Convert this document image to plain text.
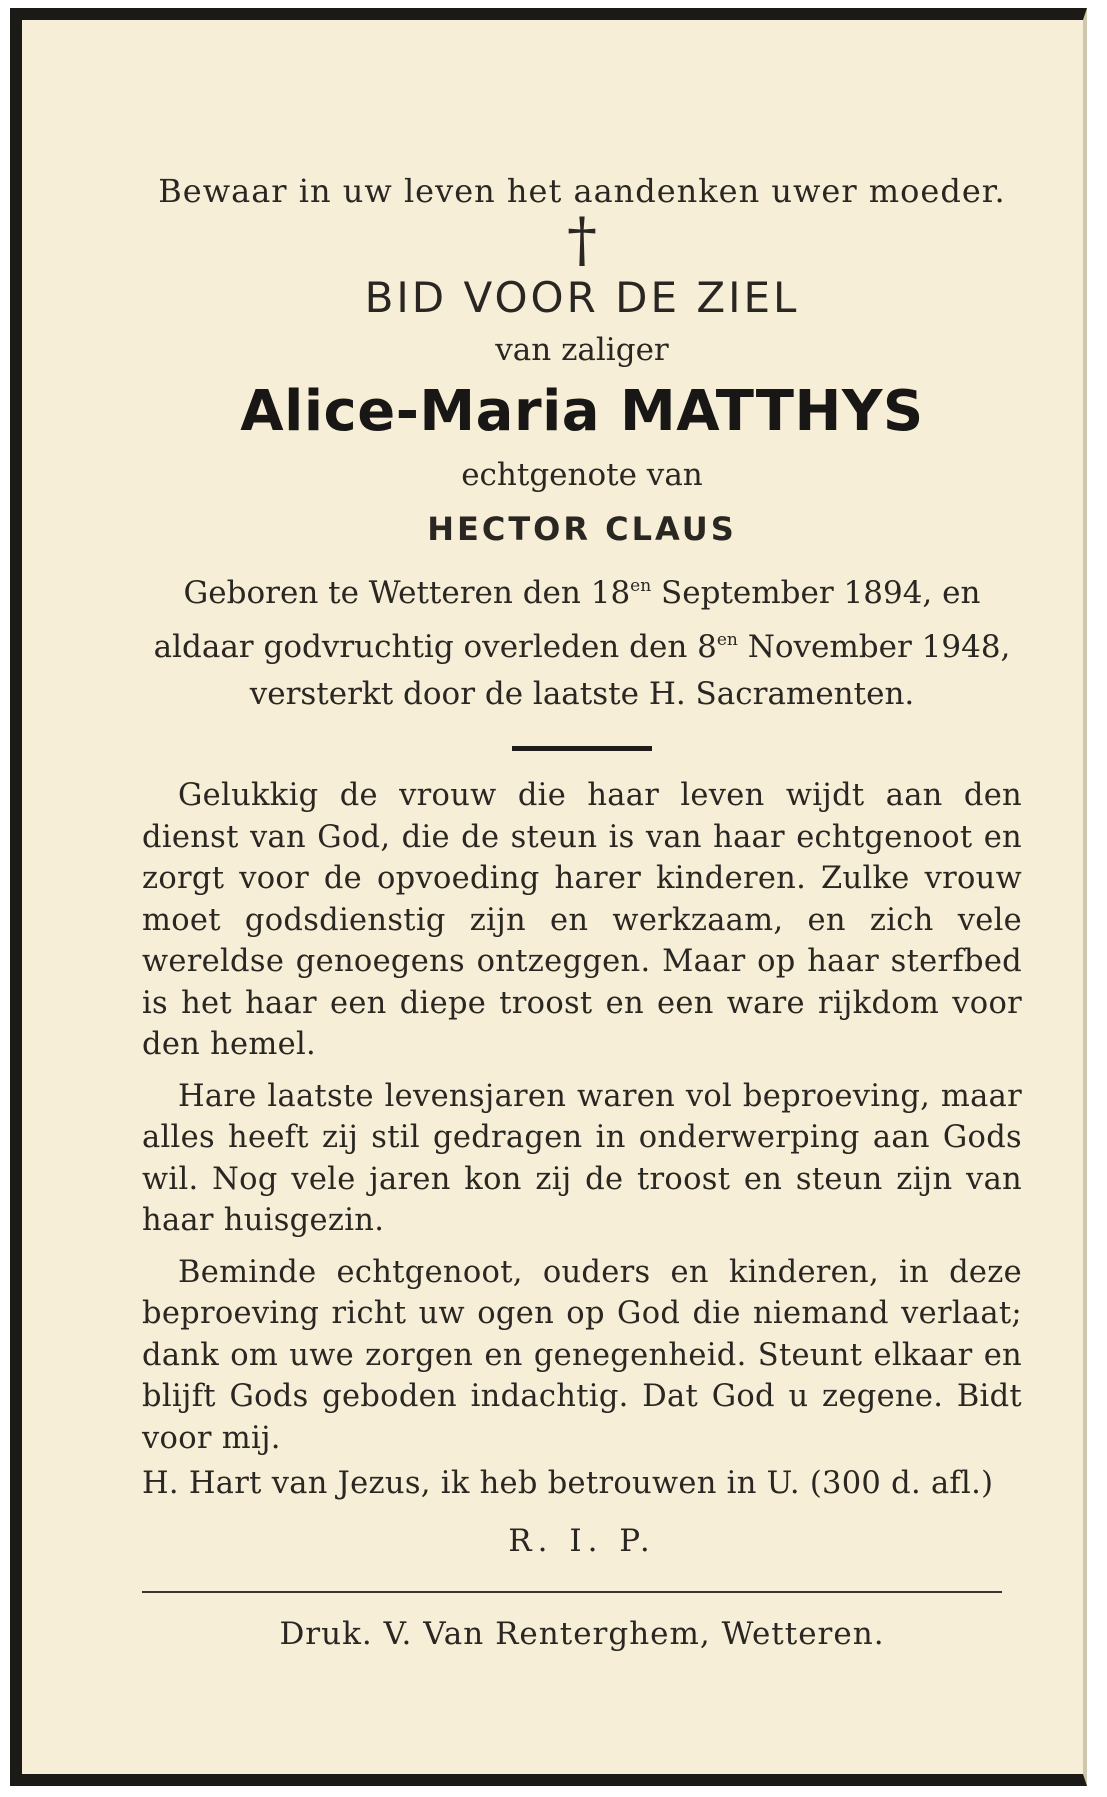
Bewaar in uw leven het aandenken uwer moeder.

†

BID VOOR DE ZIEL

van zaliger

Alice-Maria MATTHYS

echtgenote van

HECTOR CLAUS

Geboren te Wetteren den $18^{en}$ September 1894, en
aldaar godvruchtig overleden den $8^{en}$ November 1948,
versterkt door de laatste H. Sacramenten.

Gelukkig de vrouw die haar leven wijdt aan den dienst van God, die de steun is van haar echtgenoot en zorgt voor de opvoeding harer kinderen. Zulke vrouw moet godsdienstig zijn en werkzaam, en zich vele wereldse genoegens ontzeggen. Maar op haar sterfbed is het haar een diepe troost en een ware rijkdom voor den hemel.

Hare laatste levensjaren waren vol beproeving, maar alles heeft zij stil gedragen in onderwerping aan Gods wil. Nog vele jaren kon zij de troost en steun zijn van haar huisgezin.

Beminde echtgenoot, ouders en kinderen, in deze beproeving richt uw ogen op God die niemand verlaat; dank om uwe zorgen en genegenheid. Steunt elkaar en blijft Gods geboden indachtig. Dat God u zegene. Bidt voor mij.

H. Hart van Jezus, ik heb betrouwen in U. (300 d. afl.)

R. I. P.

Druk. V. Van Renterghem, Wetteren.
